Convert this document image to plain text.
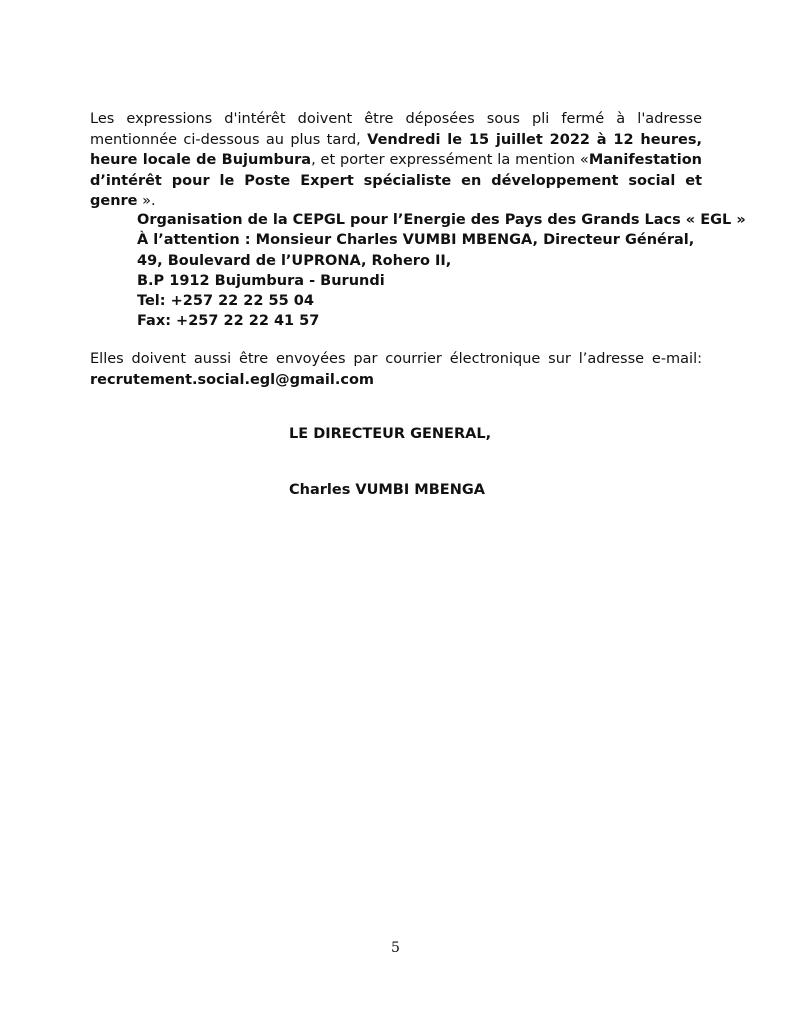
Les expressions d'intérêt doivent être déposées sous pli fermé à l'adresse mentionnée ci-dessous au plus tard, Vendredi le 15 juillet 2022 à 12 heures, heure locale de Bujumbura, et porter expressément la mention «Manifestation d’intérêt pour le Poste Expert spécialiste en développement social et genre ».

Organisation de la CEPGL pour l’Energie des Pays des Grands Lacs « EGL »
À l’attention : Monsieur Charles VUMBI MBENGA, Directeur Général,
49, Boulevard de l’UPRONA, Rohero II,
B.P 1912 Bujumbura - Burundi
Tel: +257 22 22 55 04
Fax: +257 22 22 41 57

Elles doivent aussi être envoyées par courrier électronique sur l’adresse e-mail: recrutement.social.egl@gmail.com

LE DIRECTEUR GENERAL,
Charles VUMBI MBENGA
5
